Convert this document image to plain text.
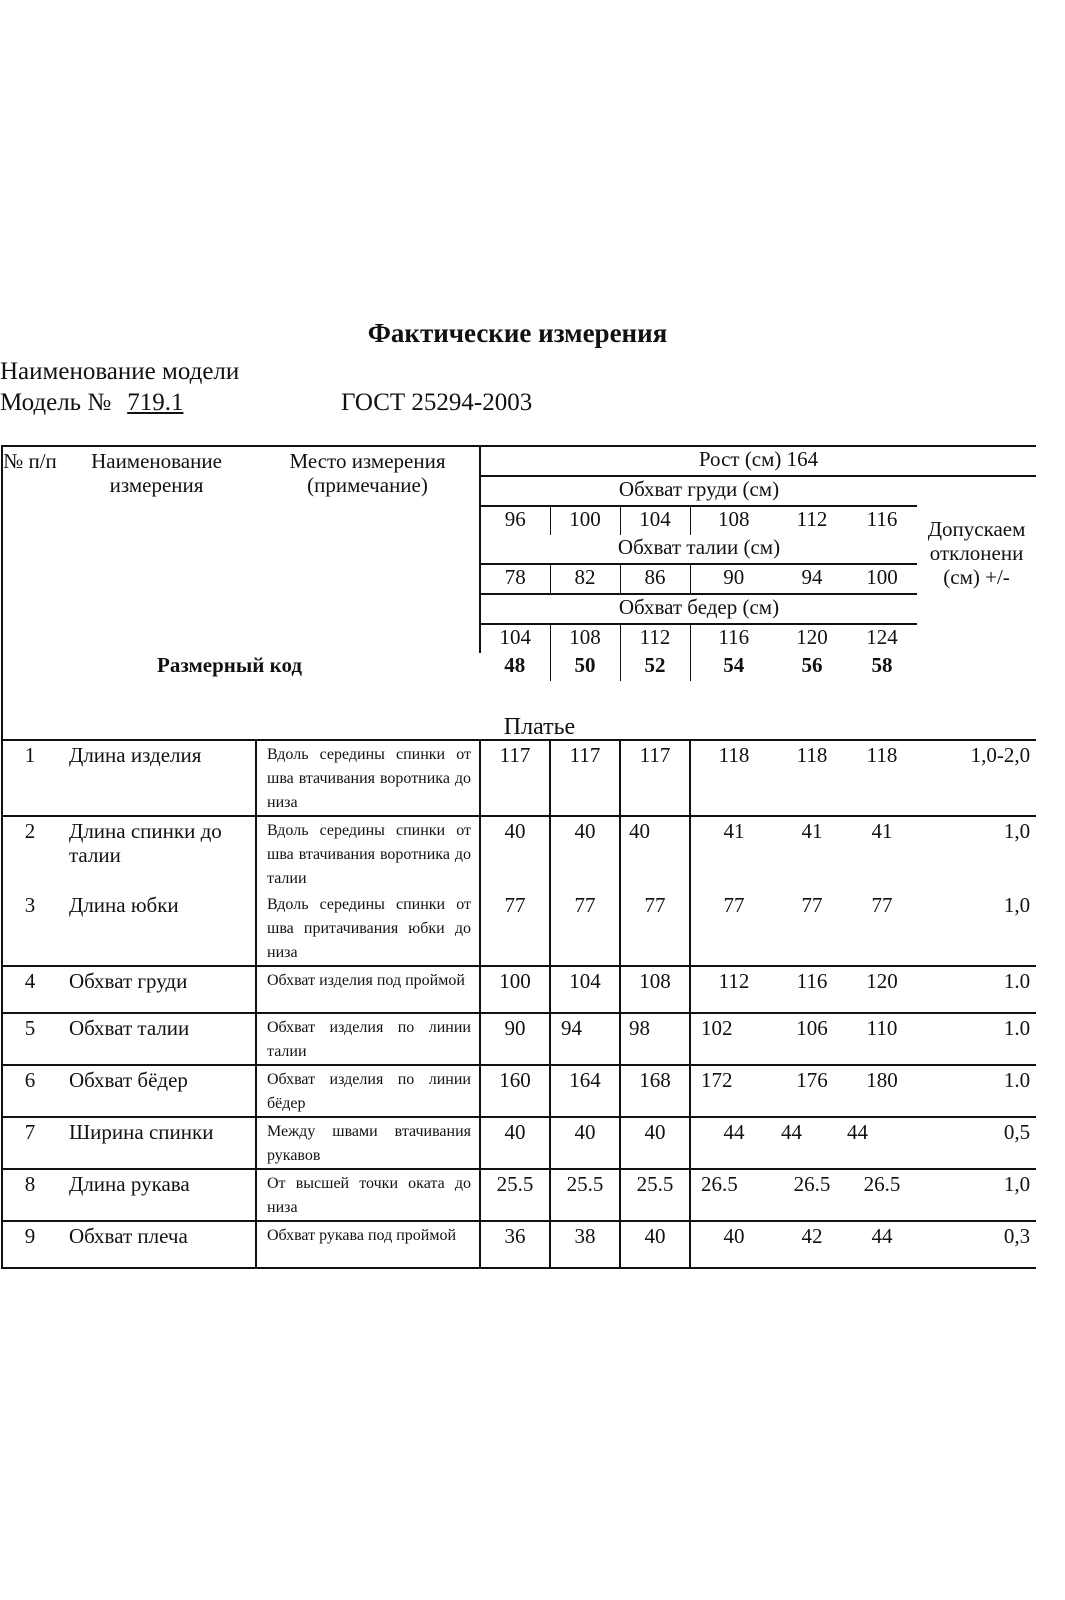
Фактические измерения
Наименование модели
Модель № 719.1	ГОСТ 25294-2003
№ п/п	Наименование измерения	Место измерения (примечание)	Рост (см) 164						
			Обхват груди (см)						Допускаем отклонени (см) +/-
			96	100	104	108	112	116	
			Обхват талии (см)						
			78	82	86	90	94	100	
			Обхват бедер (см)						
			104	108	112	116	120	124	
	Размерный код		48	50	52	54	56	58	

Платье									

1	Длина изделия	Вдоль середины спинки от шва втачивания воротника до низа	117	117	117	118	118	118	1,0-2,0
2	Длина спинки до талии	Вдоль середины спинки от шва втачивания воротника до талии	40	40	40	41	41	41	1,0
3	Длина юбки	Вдоль середины спинки от шва притачивания юбки до низа	77	77	77	77	77	77	1,0
4	Обхват груди	Обхват изделия под проймой	100	104	108	112	116	120	1.0
5	Обхват талии	Обхват изделия по линии талии	90	94	98	102	106	110	1.0
6	Обхват бёдер	Обхват изделия по линии бёдер	160	164	168	172	176	180	1.0
7	Ширина спинки	Между швами втачивания рукавов	40	40	40	44	44	44	0,5
8	Длина рукава	От высшей точки оката до низа	25.5	25.5	25.5	26.5	26.5	26.5	1,0
9	Обхват плеча	Обхват рукава под проймой	36	38	40	40	42	44	0,3
